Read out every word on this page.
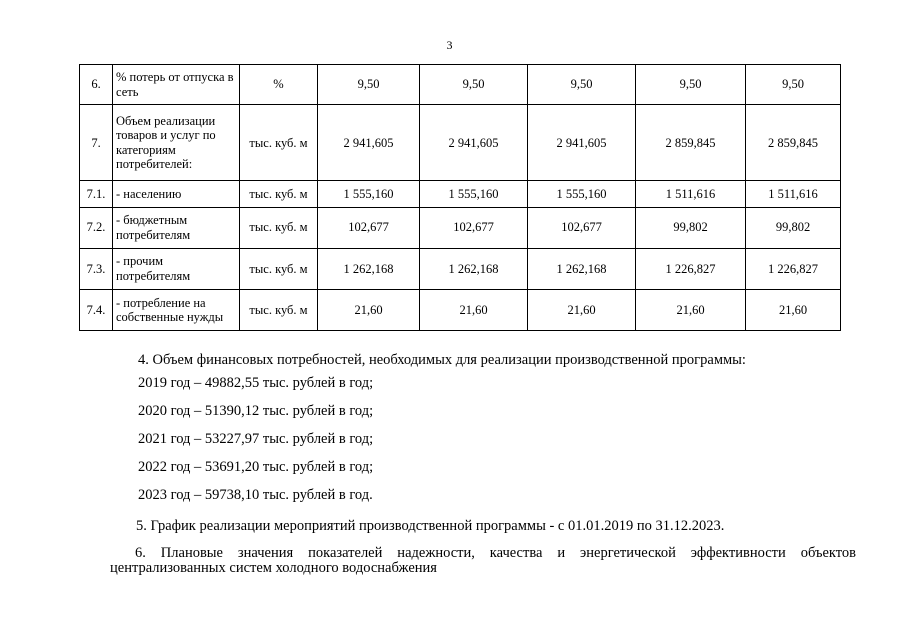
3
6.	% потерь от отпуска в сеть	%	9,50	9,50	9,50	9,50	9,50
7.	Объем реализации товаров и услуг по категориям потребителей:	тыс. куб. м	2 941,605	2 941,605	2 941,605	2 859,845	2 859,845
7.1.	- населению	тыс. куб. м	1 555,160	1 555,160	1 555,160	1 511,616	1 511,616
7.2.	- бюджетным потребителям	тыс. куб. м	102,677	102,677	102,677	99,802	99,802
7.3.	- прочим потребителям	тыс. куб. м	1 262,168	1 262,168	1 262,168	1 226,827	1 226,827
7.4.	- потребление на собственные нужды	тыс. куб. м	21,60	21,60	21,60	21,60	21,60
4. Объем финансовых потребностей, необходимых для реализации производственной программы:
2019 год – 49882,55 тыс. рублей в год;
2020 год – 51390,12 тыс. рублей в год;
2021 год – 53227,97 тыс. рублей в год;
2022 год – 53691,20 тыс. рублей в год;
2023 год – 59738,10 тыс. рублей в год.
5. График реализации мероприятий производственной программы - с 01.01.2019 по 31.12.2023.
6. Плановые значения показателей надежности, качества и энергетической эффективности объектов централизованных систем холодного водоснабжения
